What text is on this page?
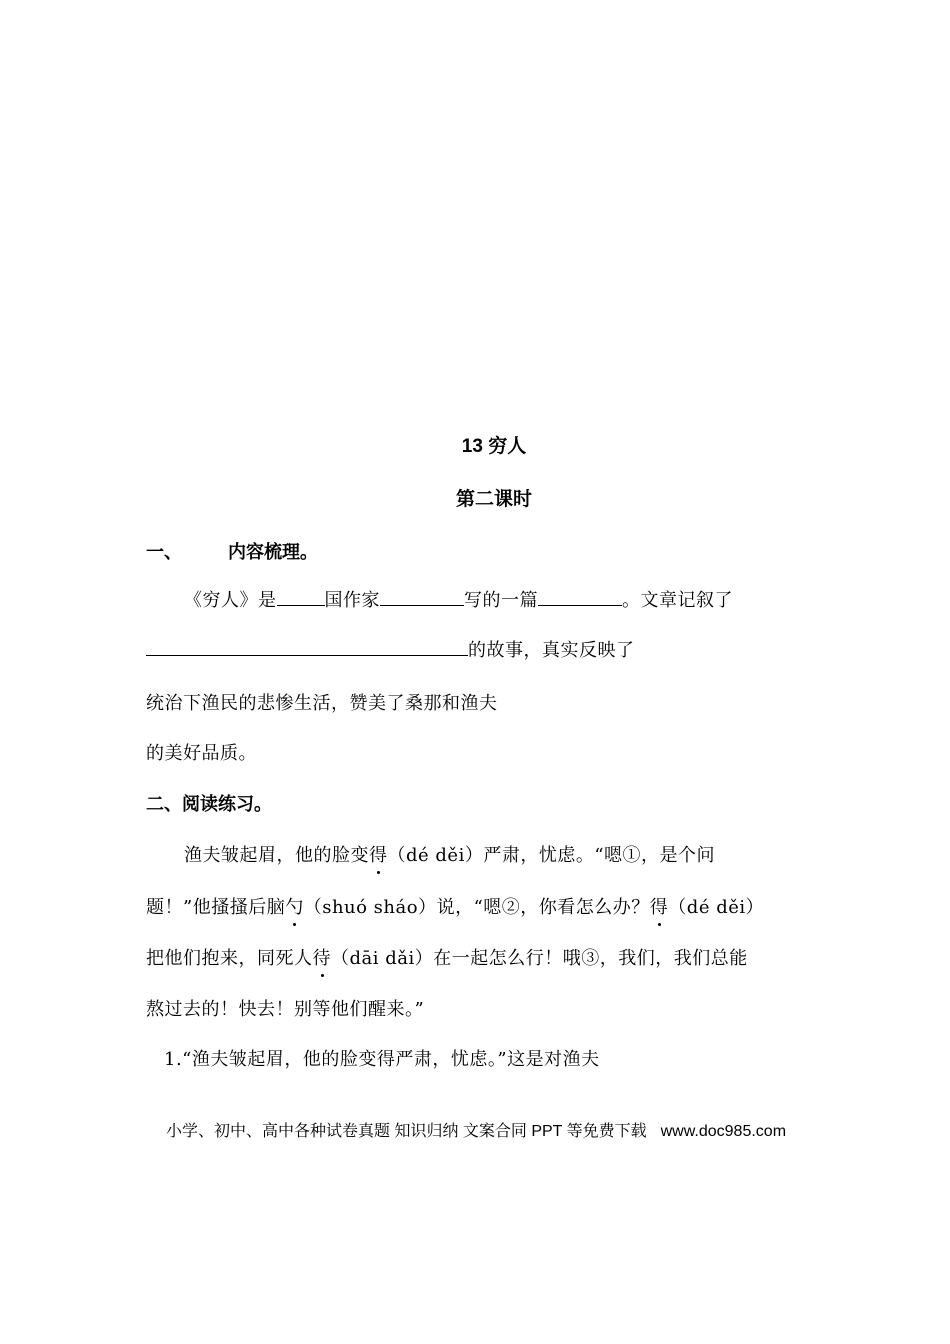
13 穷人
第二课时
一、	内容梳理。
《穷人》是	国作家	写的一篇	。文章记叙了
的故事，真实反映了
统治下渔民的悲惨生活，赞美了桑那和渔夫
的美好品质。
二、阅读练习。
渔夫皱起眉，他的脸变得（dé děi）严肃，忧虑。“嗯①，是个问
题！”他搔搔后脑勺（shuó sháo）说，“嗯②，你看怎么办？得（dé děi）
把他们抱来，同死人待（dāi dǎi）在一起怎么行！哦③，我们，我们总能
熬过去的！快去！别等他们醒来。”
1.“渔夫皱起眉，他的脸变得严肃，忧虑。”这是对渔夫
小学、初中、高中各种试卷真题 知识归纳 文案合同 PPT 等免费下载 www.doc985.com
